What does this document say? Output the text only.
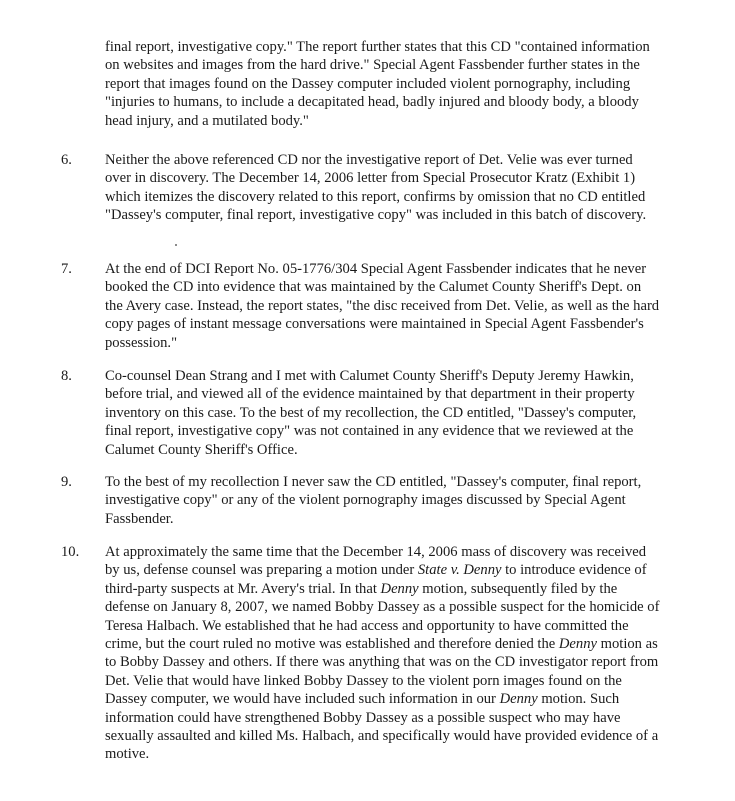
final report, investigative copy." The report further states that this CD "contained information on websites and images from the hard drive." Special Agent Fassbender further states in the report that images found on the Dassey computer included violent pornography, including "injuries to humans, to include a decapitated head, badly injured and bloody body, a bloody head injury, and a mutilated body."

6. Neither the above referenced CD nor the investigative report of Det. Velie was ever turned over in discovery. The December 14, 2006 letter from Special Prosecutor Kratz (Exhibit 1) which itemizes the discovery related to this report, confirms by omission that no CD entitled "Dassey's computer, final report, investigative copy" was included in this batch of discovery.

7. At the end of DCI Report No. 05-1776/304 Special Agent Fassbender indicates that he never booked the CD into evidence that was maintained by the Calumet County Sheriff's Dept. on the Avery case. Instead, the report states, "the disc received from Det. Velie, as well as the hard copy pages of instant message conversations were maintained in Special Agent Fassbender's possession."

8. Co-counsel Dean Strang and I met with Calumet County Sheriff's Deputy Jeremy Hawkin, before trial, and viewed all of the evidence maintained by that department in their property inventory on this case. To the best of my recollection, the CD entitled, "Dassey's computer, final report, investigative copy" was not contained in any evidence that we reviewed at the Calumet County Sheriff's Office.

9. To the best of my recollection I never saw the CD entitled, "Dassey's computer, final report, investigative copy" or any of the violent pornography images discussed by Special Agent Fassbender.

10. At approximately the same time that the December 14, 2006 mass of discovery was received by us, defense counsel was preparing a motion under State v. Denny to introduce evidence of third-party suspects at Mr. Avery's trial. In that Denny motion, subsequently filed by the defense on January 8, 2007, we named Bobby Dassey as a possible suspect for the homicide of Teresa Halbach. We established that he had access and opportunity to have committed the crime, but the court ruled no motive was established and therefore denied the Denny motion as to Bobby Dassey and others. If there was anything that was on the CD investigator report from Det. Velie that would have linked Bobby Dassey to the violent porn images found on the Dassey computer, we would have included such information in our Denny motion. Such information could have strengthened Bobby Dassey as a possible suspect who may have sexually assaulted and killed Ms. Halbach, and specifically would have provided evidence of a motive.
